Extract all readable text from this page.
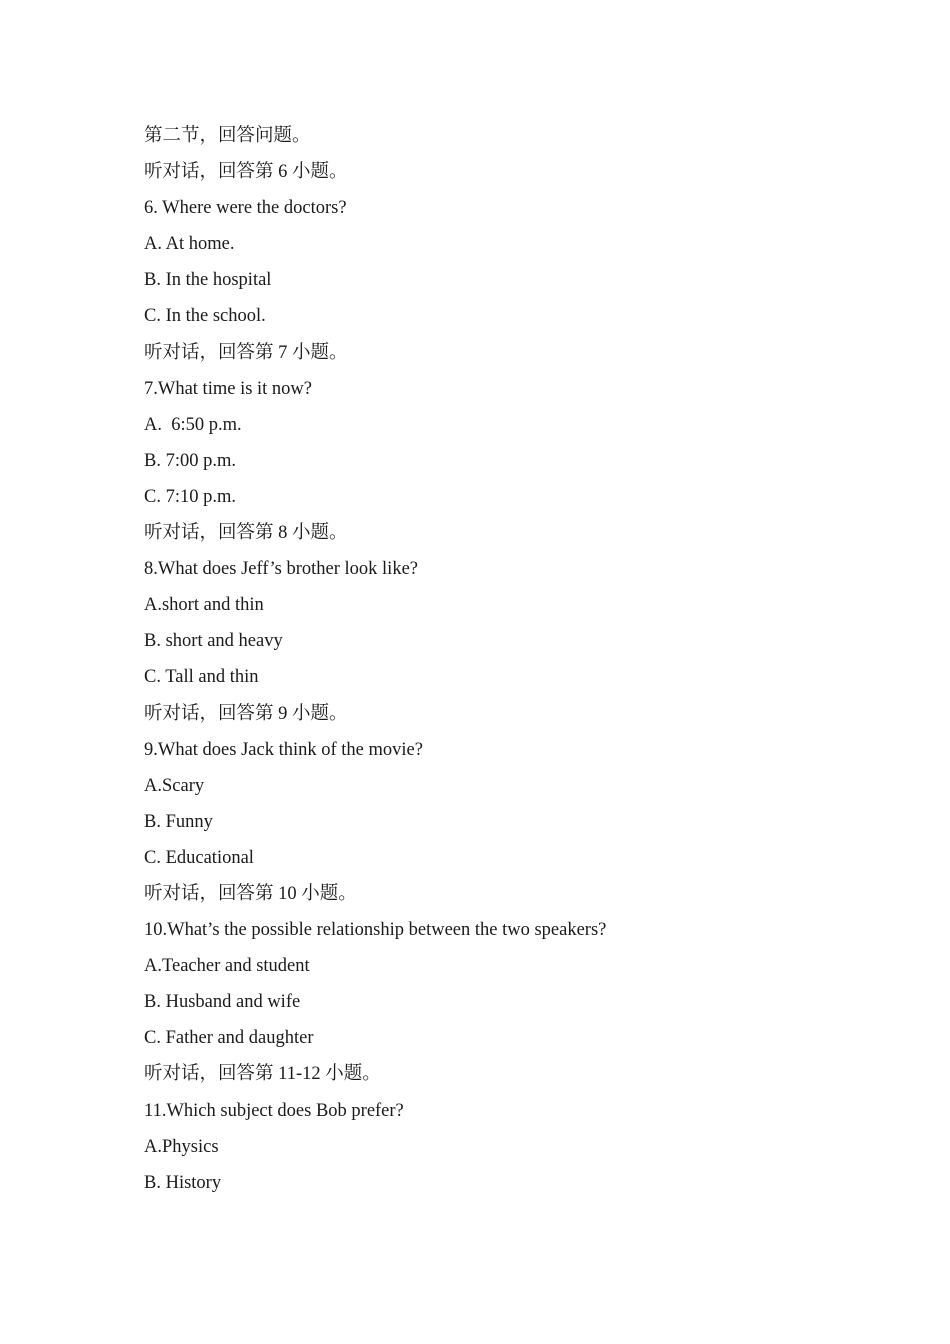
第二节，回答问题。
听对话，回答第 6 小题。
6. Where were the doctors?
A. At home.
B. In the hospital
C. In the school.
听对话，回答第 7 小题。
7.What time is it now?
A.  6:50 p.m.
B. 7:00 p.m.
C. 7:10 p.m.
听对话，回答第 8 小题。
8.What does Jeff’s brother look like?
A.short and thin
B. short and heavy
C. Tall and thin
听对话，回答第 9 小题。
9.What does Jack think of the movie?
A.Scary
B. Funny
C. Educational
听对话，回答第 10 小题。
10.What’s the possible relationship between the two speakers?
A.Teacher and student
B. Husband and wife
C. Father and daughter
听对话，回答第 11-12 小题。
11.Which subject does Bob prefer?
A.Physics
B. History
